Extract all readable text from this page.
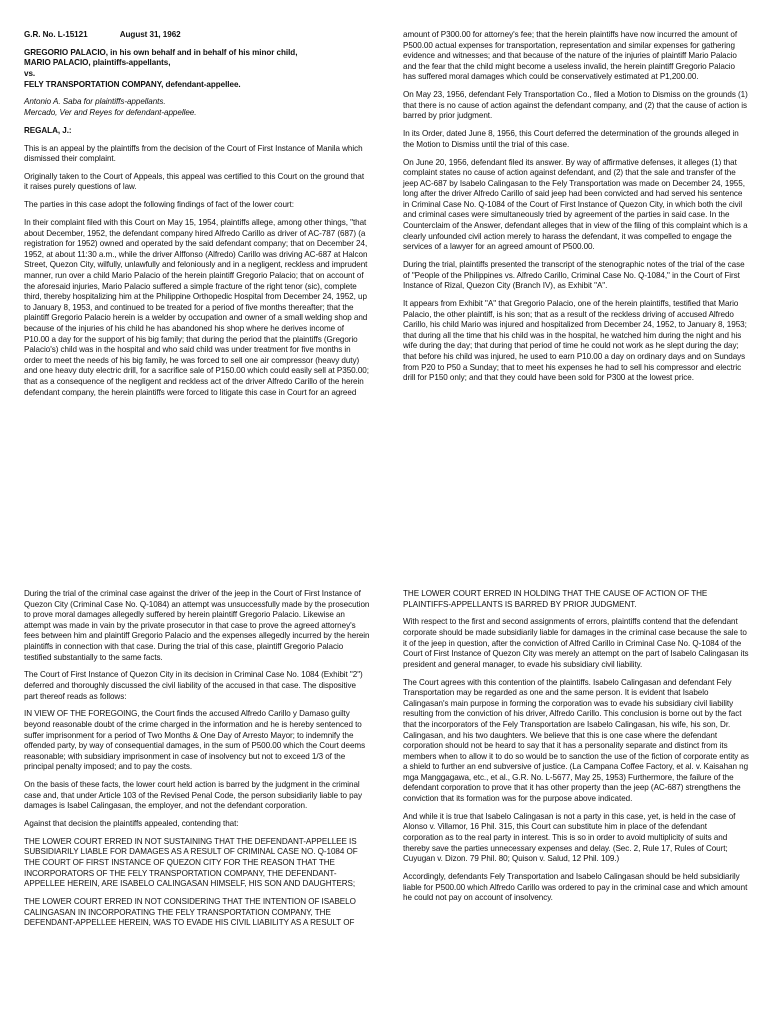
G.R. No. L-15121	August 31, 1962

GREGORIO PALACIO, in his own behalf and in behalf of his minor child,

MARIO PALACIO, plaintiffs-appellants,

vs.

FELY TRANSPORTATION COMPANY, defendant-appellee.

Antonio A. Saba for plaintiffs-appellants.

Mercado, Ver and Reyes for defendant-appellee.

REGALA, J.:

This is an appeal by the plaintiffs from the decision of the Court of First Instance of Manila which dismissed their complaint.

Originally taken to the Court of Appeals, this appeal was certified to this Court on the ground that it raises purely questions of law.

The parties in this case adopt the following findings of fact of the lower court:

In their complaint filed with this Court on May 15, 1954, plaintiffs allege, among other things, "that about December, 1952, the defendant company hired Alfredo Carillo as driver of AC-787 (687) (a registration for 1952) owned and operated by the said defendant company; that on December 24, 1952, at about 11:30 a.m., while the driver Alffonso (Alfredo) Carillo was driving AC-687 at Halcon Street, Quezon City, wilfully, unlawfully and feloniously and in a negligent, reckless and imprudent manner, run over a child Mario Palacio of the herein plaintiff Gregorio Palacio; that on account of the aforesaid injuries, Mario Palacio suffered a simple fracture of the right tenor (sic), complete third, thereby hospitalizing him at the Philippine Orthopedic Hospital from December 24, 1952, up to January 8, 1953, and continued to be treated for a period of five months thereafter; that the plaintiff Gregorio Palacio herein is a welder by occupation and owner of a small welding shop and because of the injuries of his child he has abandoned his shop where he derives income of P10.00 a day for the support of his big family; that during the period that the plaintiffs (Gregorio Palacio's) child was in the hospital and who said child was under treatment for five months in order to meet the needs of his big family, he was forced to sell one air compressor (heavy duty) and one heavy duty electric drill, for a sacrifice sale of P150.00 which could easily sell at P350.00; that as a consequence of the negligent and reckless act of the driver Alfredo Carillo of the herein defendant company, the herein plaintiffs were forced to litigate this case in Court for an agreed

amount of P300.00 for attorney's fee; that the herein plaintiffs have now incurred the amount of P500.00 actual expenses for transportation, representation and similar expenses for gathering evidence and witnesses; and that because of the nature of the injuries of plaintiff Mario Palacio and the fear that the child might become a useless invalid, the herein plaintiff Gregorio Palacio has suffered moral damages which could be conservatively estimated at P1,200.00.

On May 23, 1956, defendant Fely Transportation Co., filed a Motion to Dismiss on the grounds (1) that there is no cause of action against the defendant company, and (2) that the cause of action is barred by prior judgment.

In its Order, dated June 8, 1956, this Court deferred the determination of the grounds alleged in the Motion to Dismiss until the trial of this case.

On June 20, 1956, defendant filed its answer. By way of affirmative defenses, it alleges (1) that complaint states no cause of action against defendant, and (2) that the sale and transfer of the jeep AC-687 by Isabelo Calingasan to the Fely Transportation was made on December 24, 1955, long after the driver Alfredo Carillo of said jeep had been convicted and had served his sentence in Criminal Case No. Q-1084 of the Court of First Instance of Quezon City, in which both the civil and criminal cases were simultaneously tried by agreement of the parties in said case. In the Counterclaim of the Answer, defendant alleges that in view of the filing of this complaint which is a clearly unfounded civil action merely to harass the defendant, it was compelled to engage the services of a lawyer for an agreed amount of P500.00.

During the trial, plaintiffs presented the transcript of the stenographic notes of the trial of the case of "People of the Philippines vs. Alfredo Carillo, Criminal Case No. Q-1084," in the Court of First Instance of Rizal, Quezon City (Branch IV), as Exhibit "A".

It appears from Exhibit "A" that Gregorio Palacio, one of the herein plaintiffs, testified that Mario Palacio, the other plaintiff, is his son; that as a result of the reckless driving of accused Alfredo Carillo, his child Mario was injured and hospitalized from December 24, 1952, to January 8, 1953; that during all the time that his child was in the hospital, he watched him during the night and his wife during the day; that during that period of time he could not work as he slept during the day; that before his child was injured, he used to earn P10.00 a day on ordinary days and on Sundays from P20 to P50 a Sunday; that to meet his expenses he had to sell his compressor and electric drill for P150 only; and that they could have been sold for P300 at the lowest price.

During the trial of the criminal case against the driver of the jeep in the Court of First Instance of Quezon City (Criminal Case No. Q-1084) an attempt was unsuccessfully made by the prosecution to prove moral damages allegedly suffered by herein plaintiff Gregorio Palacio. Likewise an attempt was made in vain by the private prosecutor in that case to prove the agreed attorney's fees between him and plaintiff Gregorio Palacio and the expenses allegedly incurred by the herein plaintiffs in connection with that case. During the trial of this case, plaintiff Gregorio Palacio testified substantially to the same facts.

The Court of First Instance of Quezon City in its decision in Criminal Case No. 1084 (Exhibit "2") deferred and thoroughly discussed the civil liability of the accused in that case. The dispositive part thereof reads as follows:

IN VIEW OF THE FOREGOING, the Court finds the accused Alfredo Carillo y Damaso guilty beyond reasonable doubt of the crime charged in the information and he is hereby sentenced to suffer imprisonment for a period of Two Months & One Day of Arresto Mayor; to indemnify the offended party, by way of consequential damages, in the sum of P500.00 which the Court deems reasonable; with subsidiary imprisonment in case of insolvency but not to exceed 1/3 of the principal penalty imposed; and to pay the costs.

On the basis of these facts, the lower court held action is barred by the judgment in the criminal case and, that under Article 103 of the Revised Penal Code, the person subsidiarily liable to pay damages is Isabel Calingasan, the employer, and not the defendant corporation.

Against that decision the plaintiffs appealed, contending that:

THE LOWER COURT ERRED IN NOT SUSTAINING THAT THE DEFENDANT-APPELLEE IS SUBSIDIARILY LIABLE FOR DAMAGES AS A RESULT OF CRIMINAL CASE NO. Q-1084 OF THE COURT OF FIRST INSTANCE OF QUEZON CITY FOR THE REASON THAT THE INCORPORATORS OF THE FELY TRANSPORTATION COMPANY, THE DEFENDANT-APPELLEE HEREIN, ARE ISABELO CALINGASAN HIMSELF, HIS SON AND DAUGHTERS;

THE LOWER COURT ERRED IN NOT CONSIDERING THAT THE INTENTION OF ISABELO CALINGASAN IN INCORPORATING THE FELY TRANSPORTATION COMPANY, THE DEFENDANT-APPELLEE HEREIN, WAS TO EVADE HIS CIVIL LIABILITY AS A RESULT OF

THE LOWER COURT ERRED IN HOLDING THAT THE CAUSE OF ACTION OF THE PLAINTIFFS-APPELLANTS IS BARRED BY PRIOR JUDGMENT.

With respect to the first and second assignments of errors, plaintiffs contend that the defendant corporate should be made subsidiarily liable for damages in the criminal case because the sale to it of the jeep in question, after the conviction of Alfred Carillo in Criminal Case No. Q-1084 of the Court of First Instance of Quezon City was merely an attempt on the part of Isabelo Calingasan its president and general manager, to evade his subsidiary civil liability.

The Court agrees with this contention of the plaintiffs. Isabelo Calingasan and defendant Fely Transportation may be regarded as one and the same person. It is evident that Isabelo Calingasan's main purpose in forming the corporation was to evade his subsidiary civil liability resulting from the conviction of his driver, Alfredo Carillo. This conclusion is borne out by the fact that the incorporators of the Fely Transportation are Isabelo Calingasan, his wife, his son, Dr. Calingasan, and his two daughters. We believe that this is one case where the defendant corporation should not be heard to say that it has a personality separate and distinct from its members when to allow it to do so would be to sanction the use of the fiction of corporate entity as a shield to further an end subversive of justice. (La Campana Coffee Factory, et al. v. Kaisahan ng mga Manggagawa, etc., et al., G.R. No. L-5677, May 25, 1953) Furthermore, the failure of the defendant corporation to prove that it has other property than the jeep (AC-687) strengthens the conviction that its formation was for the purpose above indicated.

And while it is true that Isabelo Calingasan is not a party in this case, yet, is held in the case of Alonso v. Villamor, 16 Phil. 315, this Court can substitute him in place of the defendant corporation as to the real party in interest. This is so in order to avoid multiplicity of suits and thereby save the parties unnecessary expenses and delay. (Sec. 2, Rule 17, Rules of Court; Cuyugan v. Dizon. 79 Phil. 80; Quison v. Salud, 12 Phil. 109.)

Accordingly, defendants Fely Transportation and Isabelo Calingasan should be held subsidiarily liable for P500.00 which Alfredo Carillo was ordered to pay in the criminal case and which amount he could not pay on account of insolvency.
